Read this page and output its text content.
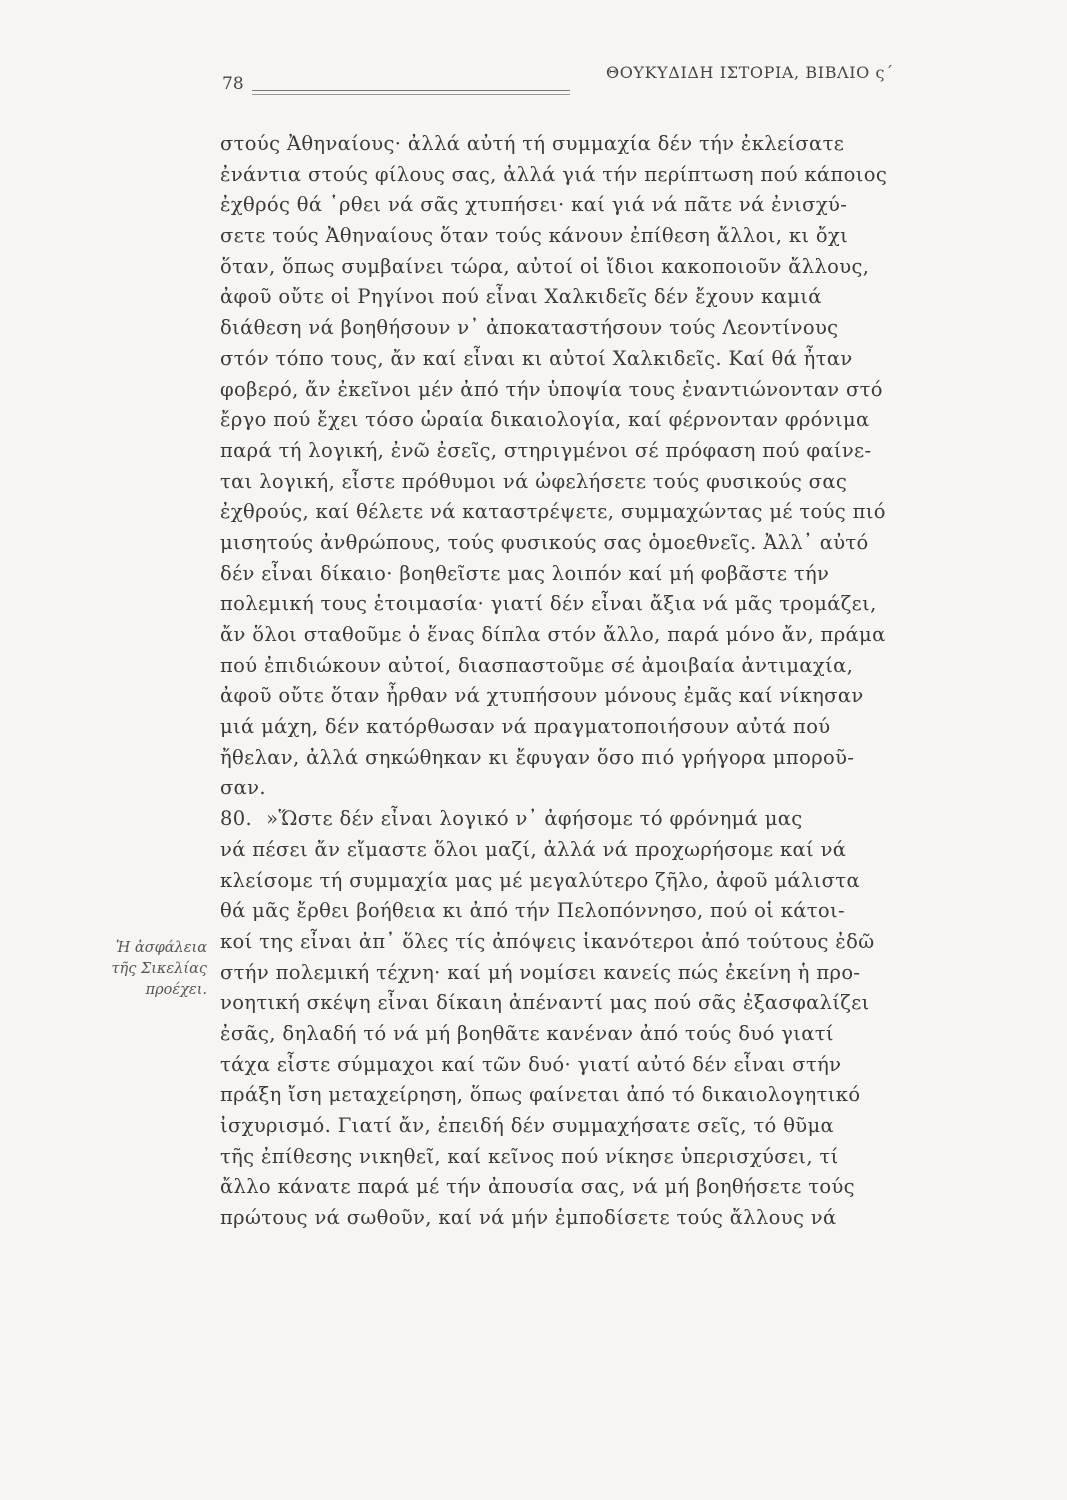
78
ΘΟΥΚΥΔΙΔΗ ΙΣΤΟΡΙΑ, ΒΙΒΛΙΟ ς΄
Ἡ ἀσφάλεια
τῆς Σικελίας
προέχει.
στούς Ἀθηναίους· ἀλλά αὐτή τή συμμαχία δέν τήν ἐκλείσατε
ἐνάντια στούς φίλους σας, ἀλλά γιά τήν περίπτωση πού κάποιος
ἐχθρός θά ῾ρθει νά σᾶς χτυπήσει· καί γιά νά πᾶτε νά ἐνισχύ-
σετε τούς Ἀθηναίους ὅταν τούς κάνουν ἐπίθεση ἄλλοι, κι ὄχι
ὅταν, ὅπως συμβαίνει τώρα, αὐτοί οἱ ἴδιοι κακοποιοῦν ἄλλους,
ἀφοῦ οὔτε οἱ Ρηγίνοι πού εἶναι Χαλκιδεῖς δέν ἔχουν καμιά
διάθεση νά βοηθήσουν ν᾿ ἀποκαταστήσουν τούς Λεοντίνους
στόν τόπο τους, ἄν καί εἶναι κι αὐτοί Χαλκιδεῖς. Καί θά ἦταν
φοβερό, ἄν ἐκεῖνοι μέν ἀπό τήν ὑποψία τους ἐναντιώνονταν στό
ἔργο πού ἔχει τόσο ὡραία δικαιολογία, καί φέρνονταν φρόνιμα
παρά τή λογική, ἐνῶ ἐσεῖς, στηριγμένοι σέ πρόφαση πού φαίνε-
ται λογική, εἶστε πρόθυμοι νά ὠφελήσετε τούς φυσικούς σας
ἐχθρούς, καί θέλετε νά καταστρέψετε, συμμαχώντας μέ τούς πιό
μισητούς ἀνθρώπους, τούς φυσικούς σας ὁμοεθνεῖς. Ἀλλ᾿ αὐτό
δέν εἶναι δίκαιο· βοηθεῖστε μας λοιπόν καί μή φοβᾶστε τήν
πολεμική τους ἑτοιμασία· γιατί δέν εἶναι ἄξια νά μᾶς τρομάζει,
ἄν ὅλοι σταθοῦμε ὁ ἕνας δίπλα στόν ἄλλο, παρά μόνο ἄν, πράμα
πού ἐπιδιώκουν αὐτοί, διασπαστοῦμε σέ ἀμοιβαία ἀντιμαχία,
ἀφοῦ οὔτε ὅταν ἦρθαν νά χτυπήσουν μόνους ἐμᾶς καί νίκησαν
μιά μάχη, δέν κατόρθωσαν νά πραγματοποιήσουν αὐτά πού
ἤθελαν, ἀλλά σηκώθηκαν κι ἔφυγαν ὅσο πιό γρήγορα μποροῦ-
σαν.
80. »Ὥστε δέν εἶναι λογικό ν᾿ ἀφήσομε τό φρόνημά μας
νά πέσει ἄν εἴμαστε ὅλοι μαζί, ἀλλά νά προχωρήσομε καί νά
κλείσομε τή συμμαχία μας μέ μεγαλύτερο ζῆλο, ἀφοῦ μάλιστα
θά μᾶς ἔρθει βοήθεια κι ἀπό τήν Πελοπόννησο, πού οἱ κάτοι-
κοί της εἶναι ἀπ᾿ ὅλες τίς ἀπόψεις ἱκανότεροι ἀπό τούτους ἐδῶ
στήν πολεμική τέχνη· καί μή νομίσει κανείς πώς ἐκείνη ἡ προ-
νοητική σκέψη εἶναι δίκαιη ἀπέναντί μας πού σᾶς ἐξασφαλίζει
ἐσᾶς, δηλαδή τό νά μή βοηθᾶτε κανέναν ἀπό τούς δυό γιατί
τάχα εἶστε σύμμαχοι καί τῶν δυό· γιατί αὐτό δέν εἶναι στήν
πράξη ἴση μεταχείρηση, ὅπως φαίνεται ἀπό τό δικαιολογητικό
ἰσχυρισμό. Γιατί ἄν, ἐπειδή δέν συμμαχήσατε σεῖς, τό θῦμα
τῆς ἐπίθεσης νικηθεῖ, καί κεῖνος πού νίκησε ὑπερισχύσει, τί
ἄλλο κάνατε παρά μέ τήν ἀπουσία σας, νά μή βοηθήσετε τούς
πρώτους νά σωθοῦν, καί νά μήν ἐμποδίσετε τούς ἄλλους νά
